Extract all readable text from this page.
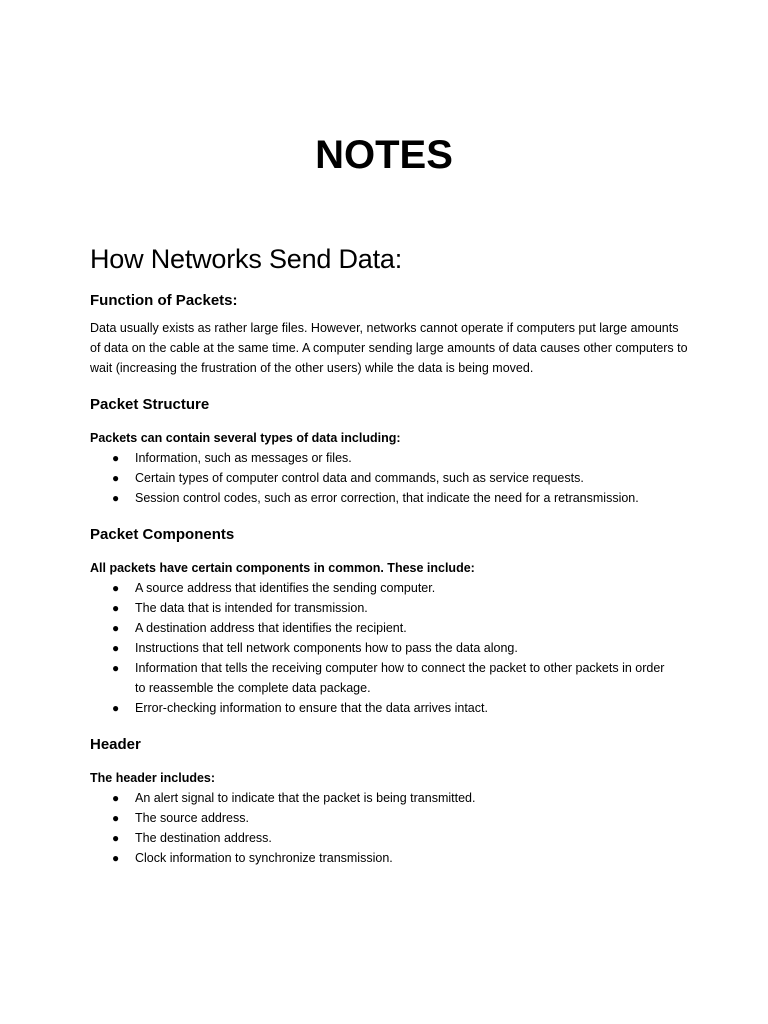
NOTES
How Networks Send Data:
Function of Packets:

Data usually exists as rather large files. However, networks cannot operate if computers put large amounts of data on the cable at the same time. A computer sending large amounts of data causes other computers to wait (increasing the frustration of the other users) while the data is being moved.

Packet Structure
Packets can contain several types of data including:
● Information, such as messages or files.
● Certain types of computer control data and commands, such as service requests.
● Session control codes, such as error correction, that indicate the need for a retransmission.
Packet Components
All packets have certain components in common. These include:
● A source address that identifies the sending computer.
● The data that is intended for transmission.
● A destination address that identifies the recipient.
● Instructions that tell network components how to pass the data along.
● Information that tells the receiving computer how to connect the packet to other packets in order to reassemble the complete data package.
● Error-checking information to ensure that the data arrives intact.
Header
The header includes:
● An alert signal to indicate that the packet is being transmitted.
● The source address.
● The destination address.
● Clock information to synchronize transmission.
